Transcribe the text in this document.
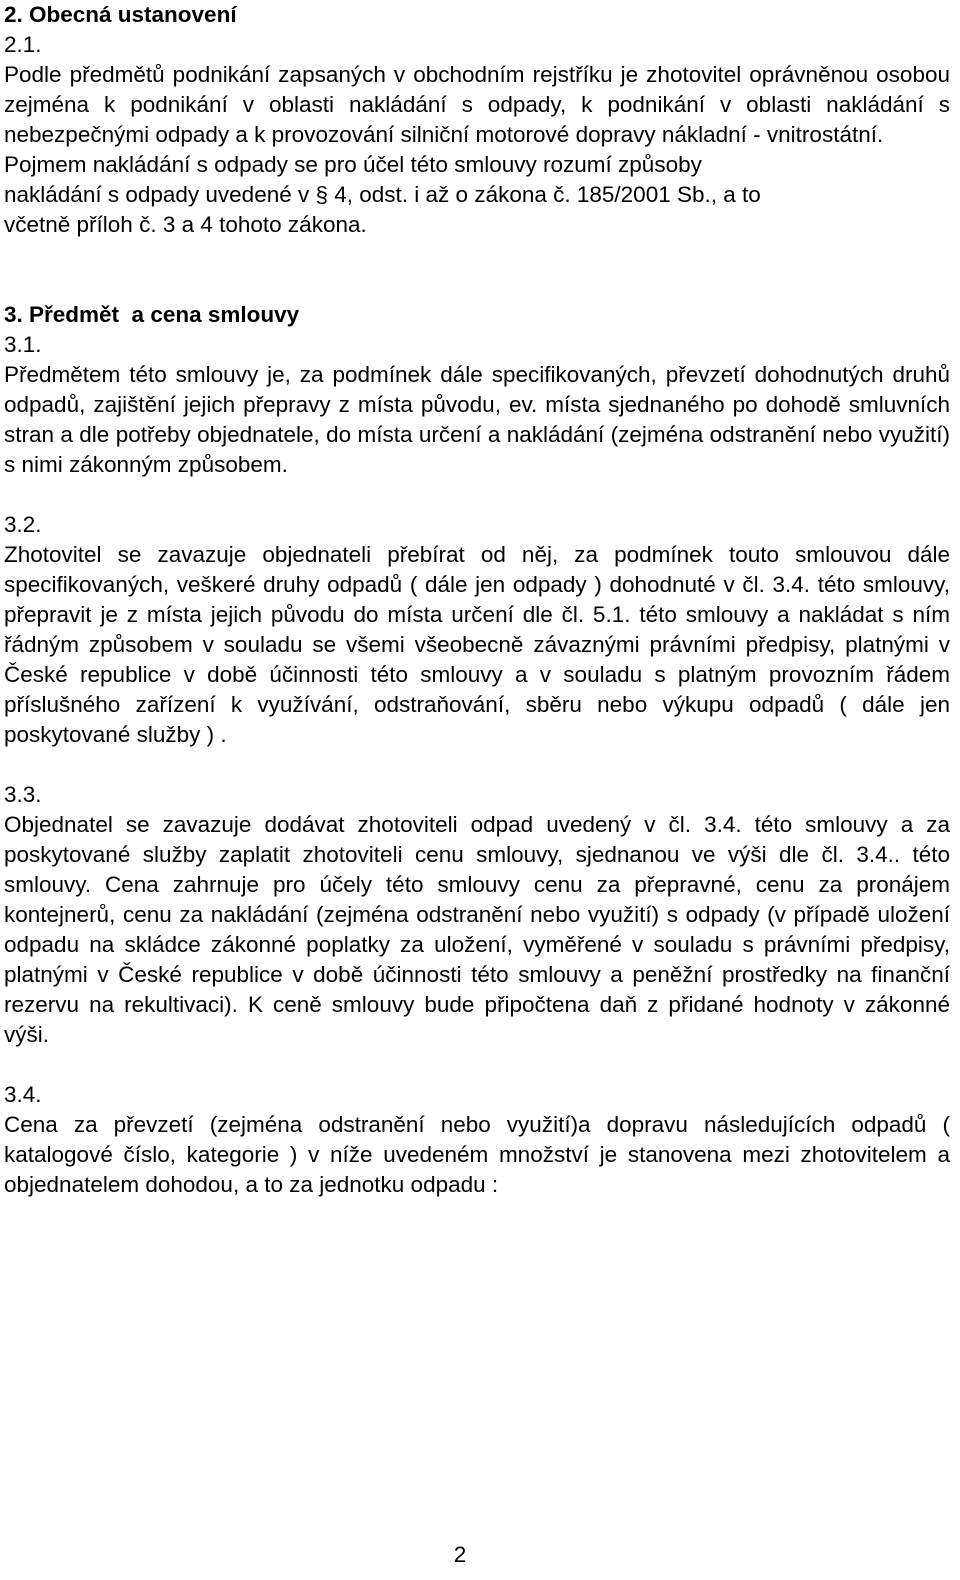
2. Obecná ustanovení
2.1.
Podle předmětů podnikání zapsaných v obchodním rejstříku je zhotovitel oprávněnou osobou zejména k podnikání v oblasti nakládání s odpady, k podnikání v oblasti nakládání s nebezpečnými odpady a k provozování silniční motorové dopravy nákladní - vnitrostátní.
Pojmem nakládání s odpady se pro účel této smlouvy rozumí způsoby
nakládání s odpady uvedené v § 4, odst. i až o zákona č. 185/2001 Sb., a to
včetně příloh č. 3 a 4 tohoto zákona.
3. Předmět  a cena smlouvy
3.1.
Předmětem této smlouvy je, za podmínek dále specifikovaných, převzetí dohodnutých druhů odpadů, zajištění jejich přepravy z místa původu, ev. místa sjednaného po dohodě smluvních stran a dle potřeby objednatele, do místa určení a nakládání (zejména odstranění nebo využití) s nimi zákonným způsobem.
3.2.
Zhotovitel se zavazuje objednateli přebírat od něj, za podmínek touto smlouvou dále specifikovaných, veškeré druhy odpadů ( dále jen odpady ) dohodnuté v čl. 3.4. této smlouvy, přepravit je z místa jejich původu do místa určení dle čl. 5.1. této smlouvy a nakládat s ním řádným způsobem v souladu se všemi všeobecně závaznými právními předpisy, platnými v České republice v době účinnosti této smlouvy a v souladu s platným provozním řádem příslušného zařízení k využívání, odstraňování, sběru nebo výkupu odpadů ( dále jen poskytované služby ) .
3.3.
Objednatel se zavazuje dodávat zhotoviteli odpad uvedený v čl. 3.4. této smlouvy a za poskytované služby zaplatit zhotoviteli cenu smlouvy, sjednanou ve výši dle čl. 3.4.. této smlouvy. Cena zahrnuje pro účely této smlouvy cenu za přepravné, cenu za pronájem kontejnerů, cenu za nakládání (zejména odstranění nebo využití) s odpady (v případě uložení odpadu na skládce zákonné poplatky za uložení, vyměřené v souladu s právními předpisy, platnými v České republice v době účinnosti této smlouvy a peněžní prostředky na finanční rezervu na rekultivaci). K ceně smlouvy bude připočtena daň z přidané hodnoty v zákonné výši.
3.4.
Cena za převzetí (zejména odstranění nebo využití)a dopravu následujících odpadů ( katalogové číslo, kategorie ) v níže uvedeném množství je stanovena mezi zhotovitelem a objednatelem dohodou, a to za jednotku odpadu :
2
